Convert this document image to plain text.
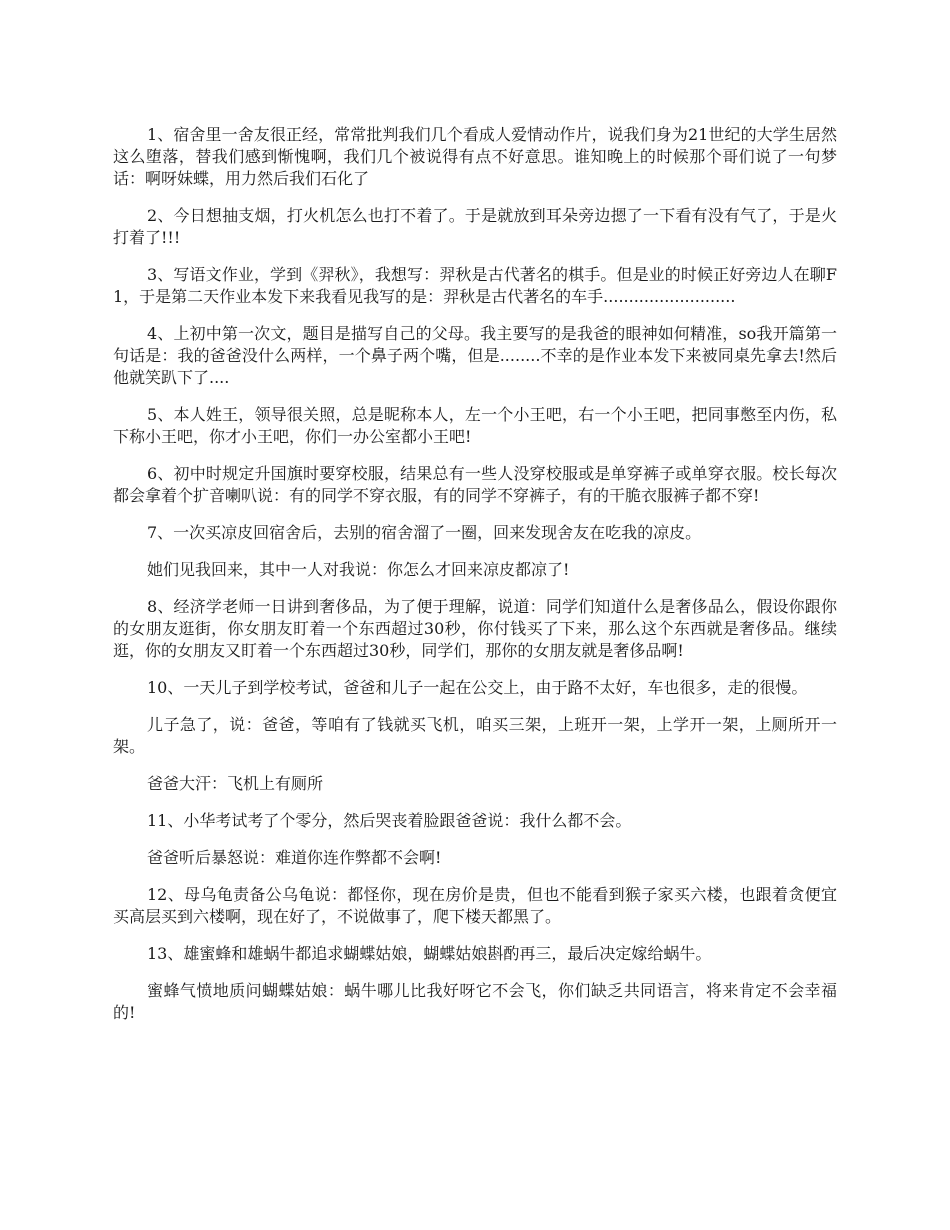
1、宿舍里一舍友很正经，常常批判我们几个看成人爱情动作片，说我们身为21世纪的大学生居然这么堕落，替我们感到惭愧啊，我们几个被说得有点不好意思。谁知晚上的时候那个哥们说了一句梦话：啊呀妹蝶，用力然后我们石化了

2、今日想抽支烟，打火机怎么也打不着了。于是就放到耳朵旁边摁了一下看有没有气了，于是火打着了!!!

3、写语文作业，学到《羿秋》，我想写：羿秋是古代著名的棋手。但是业的时候正好旁边人在聊F1，于是第二天作业本发下来我看见我写的是：羿秋是古代著名的车手..........................

4、上初中第一次文，题目是描写自己的父母。我主要写的是我爸的眼神如何精准，so我开篇第一句话是：我的爸爸没什么两样，一个鼻子两个嘴，但是........不幸的是作业本发下来被同桌先拿去!然后他就笑趴下了....

5、本人姓王，领导很关照，总是昵称本人，左一个小王吧，右一个小王吧，把同事憋至内伤，私下称小王吧，你才小王吧，你们一办公室都小王吧!

6、初中时规定升国旗时要穿校服，结果总有一些人没穿校服或是单穿裤子或单穿衣服。校长每次都会拿着个扩音喇叭说：有的同学不穿衣服，有的同学不穿裤子，有的干脆衣服裤子都不穿!

7、一次买凉皮回宿舍后，去别的宿舍溜了一圈，回来发现舍友在吃我的凉皮。

她们见我回来，其中一人对我说：你怎么才回来凉皮都凉了!

8、经济学老师一日讲到奢侈品，为了便于理解，说道：同学们知道什么是奢侈品么，假设你跟你的女朋友逛街，你女朋友盯着一个东西超过30秒，你付钱买了下来，那么这个东西就是奢侈品。继续逛，你的女朋友又盯着一个东西超过30秒，同学们，那你的女朋友就是奢侈品啊!

10、一天儿子到学校考试，爸爸和儿子一起在公交上，由于路不太好，车也很多，走的很慢。

儿子急了，说：爸爸，等咱有了钱就买飞机，咱买三架，上班开一架，上学开一架，上厕所开一架。

爸爸大汗：飞机上有厕所

11、小华考试考了个零分，然后哭丧着脸跟爸爸说：我什么都不会。

爸爸听后暴怒说：难道你连作弊都不会啊!

12、母乌龟责备公乌龟说：都怪你，现在房价是贵，但也不能看到猴子家买六楼，也跟着贪便宜买高层买到六楼啊，现在好了，不说做事了，爬下楼天都黑了。

13、雄蜜蜂和雄蜗牛都追求蝴蝶姑娘，蝴蝶姑娘斟酌再三，最后决定嫁给蜗牛。

蜜蜂气愤地质问蝴蝶姑娘：蜗牛哪儿比我好呀它不会飞，你们缺乏共同语言，将来肯定不会幸福的!
